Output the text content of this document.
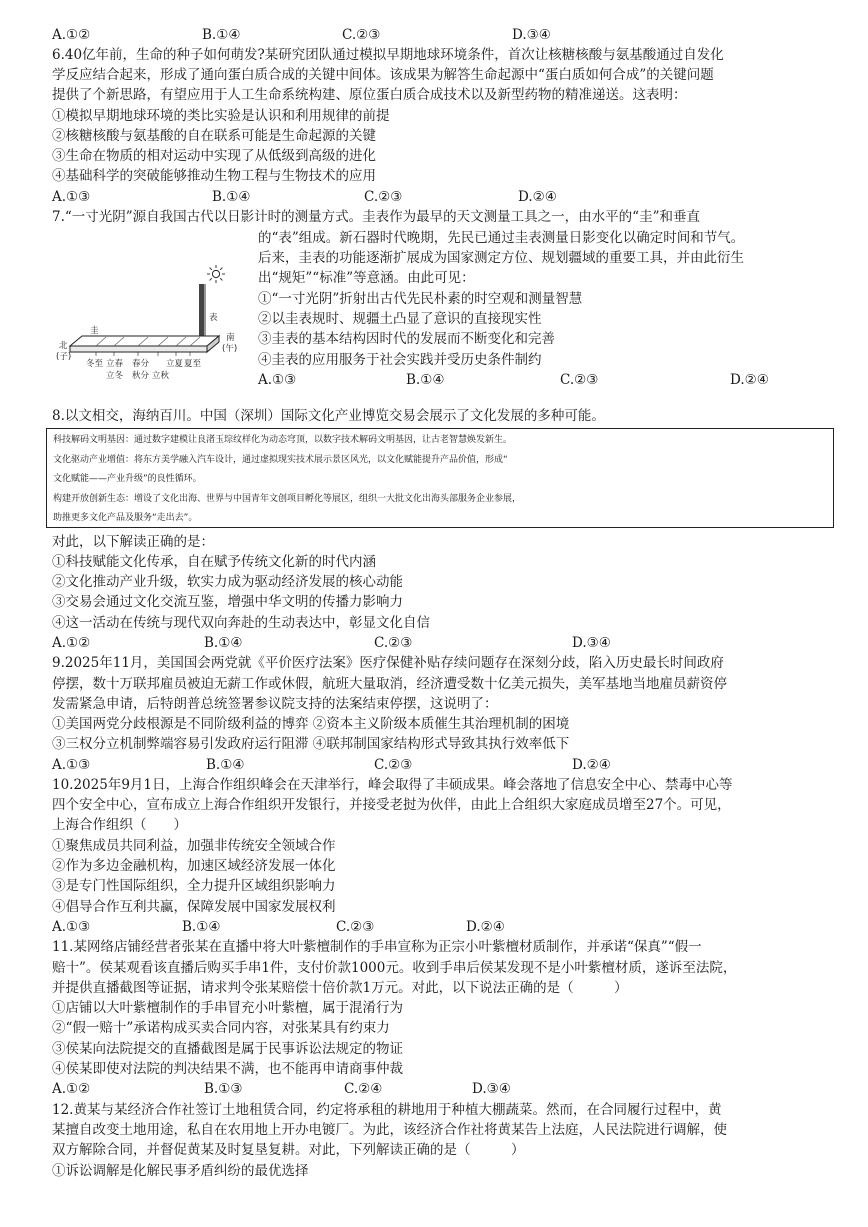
A.①②	B.①④	C.②③	D.③④
6.40亿年前，生命的种子如何萌发?某研究团队通过模拟早期地球环境条件，首次让核糖核酸与氨基酸通过自发化
学反应结合起来，形成了通向蛋白质合成的关键中间体。该成果为解答生命起源中“蛋白质如何合成”的关键问题
提供了个新思路，有望应用于人工生命系统构建、原位蛋白质合成技术以及新型药物的精准递送。这表明：
①模拟早期地球环境的类比实验是认识和利用规律的前提
②核糖核酸与氨基酸的自在联系可能是生命起源的关键
③生命在物质的相对运动中实现了从低级到高级的进化
④基础科学的突破能够推动生物工程与生物技术的应用
A.①③	B.①④	C.②③	D.②④
7.“一寸光阴”源自我国古代以日影计时的测量方式。圭表作为最早的天文测量工具之一，由水平的“圭”和垂直
的“表”组成。新石器时代晚期，先民已通过圭表测量日影变化以确定时间和节气。
后来，圭表的功能逐渐扩展成为国家测定方位、规划疆域的重要工具，并由此衍生
出“规矩”“标准”等意涵。由此可见：
①“一寸光阴”折射出古代先民朴素的时空观和测量智慧
②以圭表规时、规疆土凸显了意识的直接现实性
③圭表的基本结构因时代的发展而不断变化和完善
④圭表的应用服务于社会实践并受历史条件制约
A.①③	B.①④	C.②③	D.②④
表
圭
北
(子)
南
(午)
冬至 立春 春分 立夏 夏至
立冬 秋分 立秋
8.以文相交，海纳百川。中国（深圳）国际文化产业博览交易会展示了文化发展的多种可能。
科技解码文明基因：通过数字建模让良渚玉琮纹样化为动态穹顶，以数字技术解码文明基因，让古老智慧焕发新生。
文化驱动产业增值：将东方美学融入汽车设计，通过虚拟现实技术展示景区风光，以文化赋能提升产品价值，形成“
文化赋能——产业升级”的良性循环。
构建开放创新生态：增设了文化出海、世界与中国青年文创项目孵化等展区，组织一大批文化出海头部服务企业参展，
助推更多文化产品及服务“走出去”。
对此，以下解读正确的是：
①科技赋能文化传承，自在赋予传统文化新的时代内涵
②文化推动产业升级，软实力成为驱动经济发展的核心动能
③交易会通过文化交流互鉴，增强中华文明的传播力影响力
④这一活动在传统与现代双向奔赴的生动表达中，彰显文化自信
A.①②	B.①④	C.②③	D.③④
9.2025年11月，美国国会两党就《平价医疗法案》医疗保健补贴存续问题存在深刻分歧，陷入历史最长时间政府
停摆，数十万联邦雇员被迫无薪工作或休假，航班大量取消，经济遭受数十亿美元损失，美军基地当地雇员薪资停
发需紧急申请，后特朗普总统签署参议院支持的法案结束停摆，这说明了：
①美国两党分歧根源是不同阶级利益的博弈 ②资本主义阶级本质催生其治理机制的困境
③三权分立机制弊端容易引发政府运行阻滞 ④联邦制国家结构形式导致其执行效率低下
A.①③	B.①④	C.②③	D.②④
10.2025年9月1日，上海合作组织峰会在天津举行，峰会取得了丰硕成果。峰会落地了信息安全中心、禁毒中心等
四个安全中心，宣布成立上海合作组织开发银行，并接受老挝为伙伴，由此上合组织大家庭成员增至27个。可见，
上海合作组织（　　）
①聚焦成员共同利益，加强非传统安全领域合作
②作为多边金融机构，加速区域经济发展一体化
③是专门性国际组织，全力提升区域组织影响力
④倡导合作互利共赢，保障发展中国家发展权利
A.①③	B.①④	C.②③	D.②④
11.某网络店铺经营者张某在直播中将大叶紫檀制作的手串宣称为正宗小叶紫檀材质制作，并承诺“保真”“假一
赔十”。侯某观看该直播后购买手串1件，支付价款1000元。收到手串后侯某发现不是小叶紫檀材质，遂诉至法院，
并提供直播截图等证据，请求判令张某赔偿十倍价款1万元。对此，以下说法正确的是（　　　）
①店铺以大叶紫檀制作的手串冒充小叶紫檀，属于混淆行为
②“假一赔十”承诺构成买卖合同内容，对张某具有约束力
③侯某向法院提交的直播截图是属于民事诉讼法规定的物证
④侯某即使对法院的判决结果不满，也不能再申请商事仲裁
A.①②	B.①③	C.②④	D.③④
12.黄某与某经济合作社签订土地租赁合同，约定将承租的耕地用于种植大棚蔬菜。然而，在合同履行过程中，黄
某擅自改变土地用途，私自在农用地上开办电镀厂。为此，该经济合作社将黄某告上法庭，人民法院进行调解，使
双方解除合同，并督促黄某及时复垦复耕。对此，下列解读正确的是（　　　）
①诉讼调解是化解民事矛盾纠纷的最优选择
